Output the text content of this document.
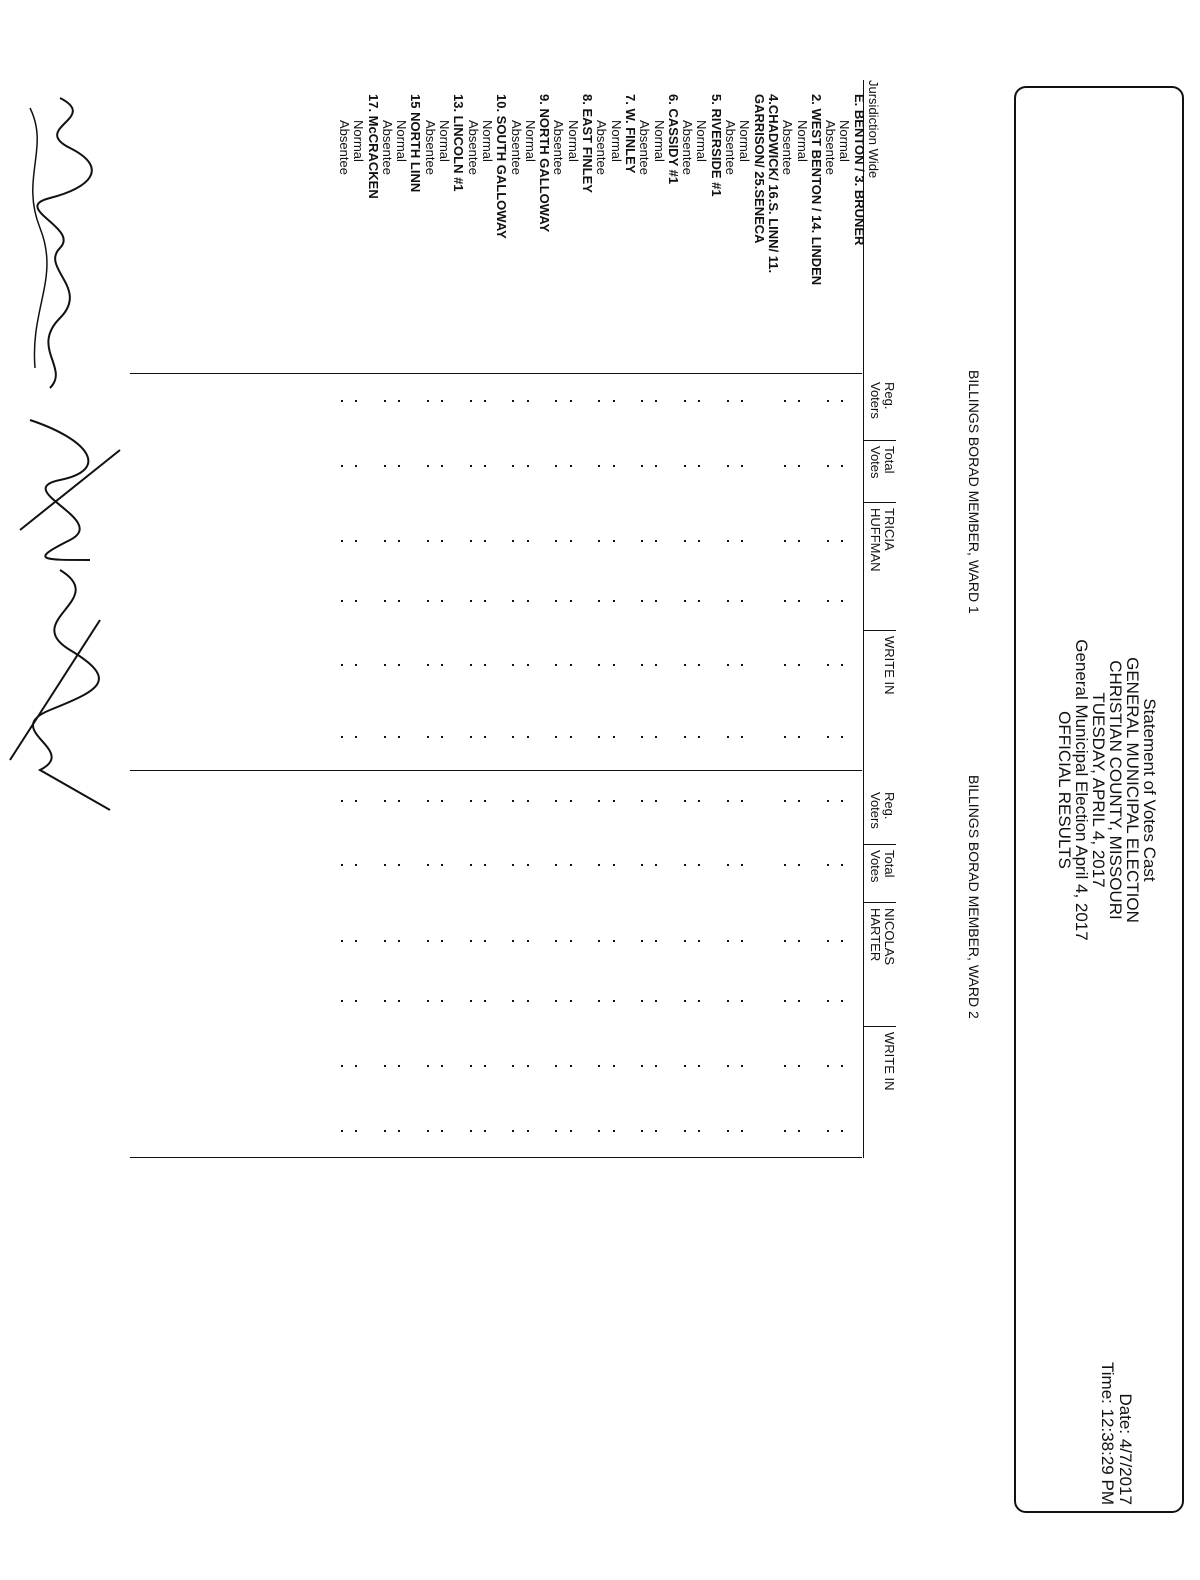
Statement of Votes Cast
GENERAL MUNICIPAL ELECTION
CHRISTIAN COUNTY, MISSOURI
TUESDAY, APRIL 4, 2017
General Municipal Election April 4, 2017
OFFICIAL RESULTS
Date: 4/7/2017
Time: 12:38:29 PM
BILLINGS BORAD MEMBER, WARD 1
BILLINGS BORAD MEMBER, WARD 2
Reg. Voters
Total Votes
TRICIA HUFFMAN
WRITE IN
Reg. Voters
Total Votes
NICOLAS HARTER
WRITE IN
Jursidiction Wide
E. BENTON / 3. BRUNER
Normal
Absentee
2. WEST BENTON / 14. LINDEN
Normal
Absentee
4.CHADWICK/ 16.S. LINN/ 11.
GARRISON/ 25.SENECA
Normal
Absentee
5. RIVERSIDE #1
Normal
Absentee
6. CASSIDY #1
Normal
Absentee
7. W. FINLEY
Normal
Absentee
8. EAST FINLEY
Normal
Absentee
9. NORTH GALLOWAY
Normal
Absentee
10. SOUTH GALLOWAY
Normal
Absentee
13. LINCOLN #1
Normal
Absentee
15 NORTH LINN
Normal
Absentee
17. McCRACKEN
Normal
Absentee
